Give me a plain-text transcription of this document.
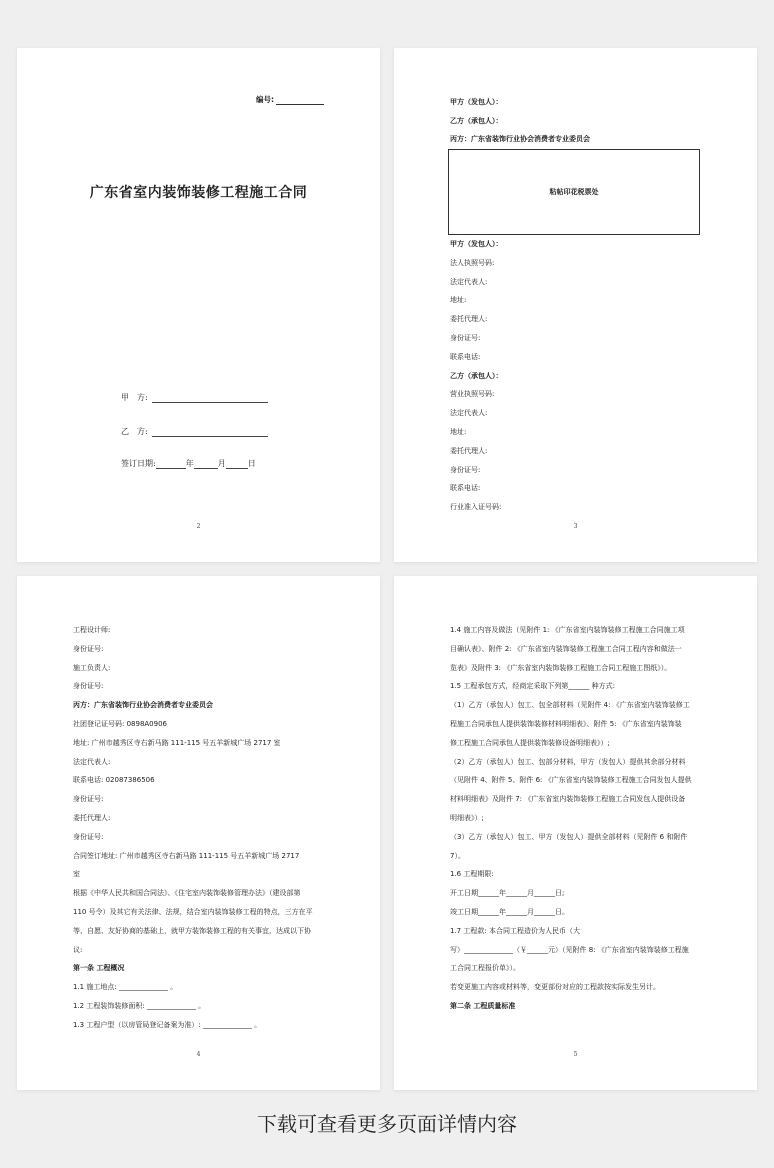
编号:
广东省室内装饰装修工程施工合同
甲　方:
乙　方:
签订日期:	年	月	日
2
甲方（发包人）：
乙方（承包人）：
丙方：广东省装饰行业协会消费者专业委员会
粘帖印花税票处
甲方（发包人）：
法人执照号码:
法定代表人:
地址:
委托代理人:
身份证号:
联系电话:
乙方（承包人）：
营业执照号码:
法定代表人:
地址:
委托代理人:
身份证号:
联系电话:
行业准入证号码:
3
工程设计师:
身份证号:
施工负责人:
身份证号:
丙方：广东省装饰行业协会消费者专业委员会
社团登记证号码: 0898A0906
地址: 广州市越秀区寺右新马路 111-115 号五羊新城广场 2717 室
法定代表人:
联系电话: 02087386506
身份证号:
委托代理人:
身份证号:
合同签订地址: 广州市越秀区寺右新马路 111-115 号五羊新城广场 2717
室
根据《中华人民共和国合同法》、《住宅室内装饰装修管理办法》（建设部第
110 号令）及其它有关法律、法规，结合室内装饰装修工程的特点，三方在平
等、自愿、友好协商的基础上，就甲方装饰装修工程的有关事宜，达成以下协
议:
第一条 工程概况
1.1 施工地点: ______________ 。
1.2 工程装饰装修面积: ______________ 。
1.3 工程户型（以房管局登记备案为准）: ______________ 。
4
1.4 施工内容及做法（见附件 1: 《广东省室内装饰装修工程施工合同施工项
目确认表》、附件 2: 《广东省室内装饰装修工程施工合同工程内容和做法一
览表》及附件 3: 《广东省室内装饰装修工程施工合同工程施工图纸》）。
1.5 工程承包方式，经商定采取下列第______ 种方式:
（1）乙方（承包人）包工、包全部材料（见附件 4: 《广东省室内装饰装修工
程施工合同承包人提供装饰装修材料明细表》、附件 5: 《广东省室内装饰装
修工程施工合同承包人提供装饰装修设备明细表》）;
（2）乙方（承包人）包工、包部分材料，甲方（发包人）提供其余部分材料
（见附件 4、附件 5、附件 6: 《广东省室内装饰装修工程施工合同发包人提供
材料明细表》及附件 7: 《广东省室内装饰装修工程施工合同发包人提供设备
明细表》）;
（3）乙方（承包人）包工、甲方（发包人）提供全部材料（见附件 6 和附件
7）。
1.6 工程期限:
开工日期______年______月______日;
竣工日期______年______月______日。
1.7 工程款: 本合同工程造价为人民币（大
写）______________（￥______元）（见附件 8: 《广东省室内装饰装修工程施
工合同工程报价单》）。
若变更施工内容或材料等，变更部份对应的工程款按实际发生另计。
第二条 工程质量标准
5
下载可查看更多页面详情内容
